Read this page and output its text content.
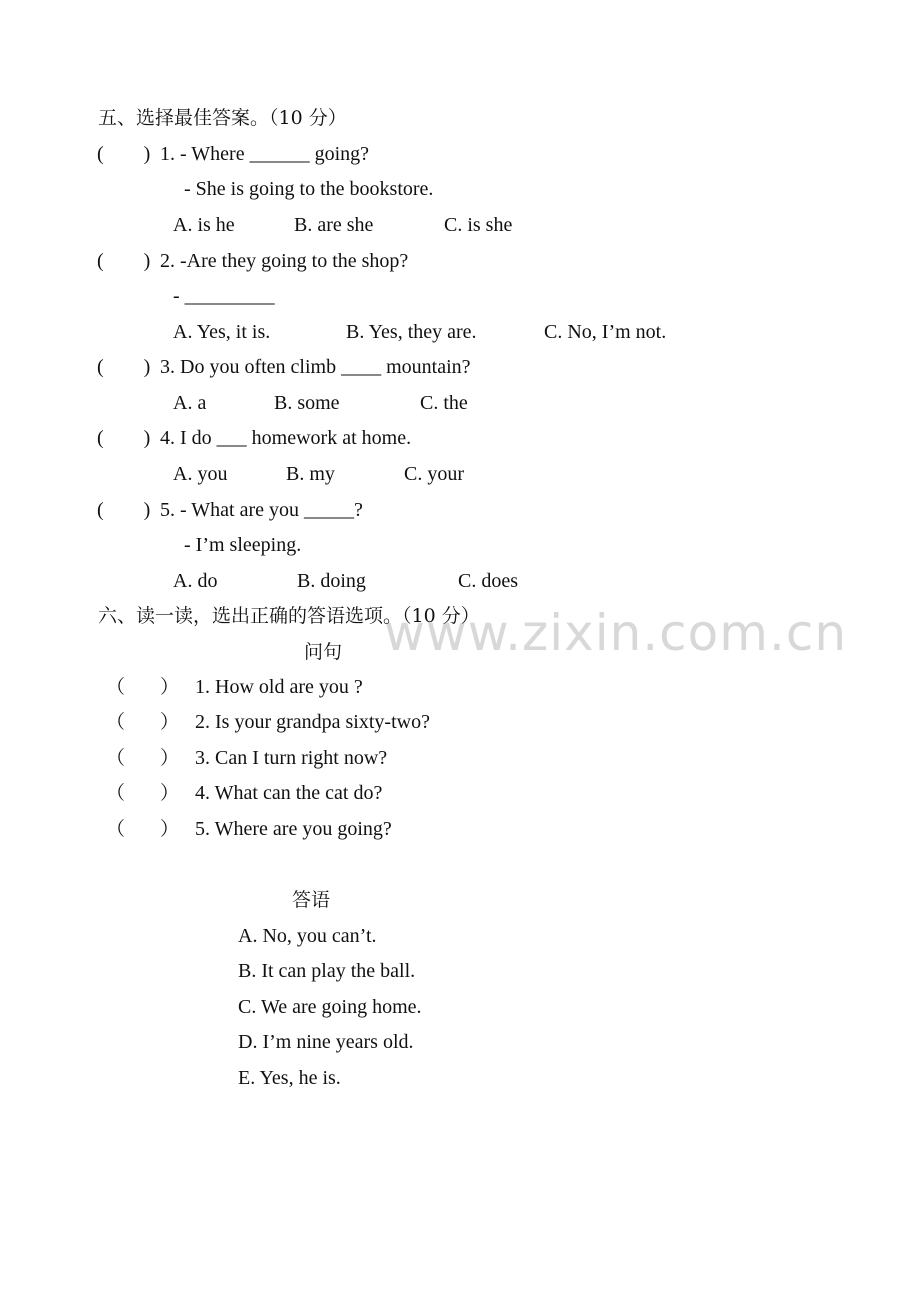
五、选择最佳答案。（10 分）
(        ) 1. - Where ______ going?
- She is going to the bookstore.
A. is he	B. are she	C. is she
(        ) 2. -Are they going to the shop?
- _________
A. Yes, it is.	B. Yes, they are.	C. No, I’m not.
(        ) 3. Do you often climb ____ mountain?
A. a	B. some	C. the
(        ) 4. I do ___ homework at home.
A. you	B. my	C. your
(        ) 5. - What are you _____?
- I’m sleeping.
A. do	B. doing	C. does
www.zixin.com.cn
六、读一读，选出正确的答语选项。（10 分）
问句
（ ） 1. How old are you ?
（ ） 2. Is your grandpa sixty-two?
（ ） 3. Can I turn right now?
（ ） 4. What can the cat do?
（ ） 5. Where are you going?
答语
A. No, you can’t.
B. It can play the ball.
C. We are going home.
D. I’m nine years old.
E. Yes, he is.
